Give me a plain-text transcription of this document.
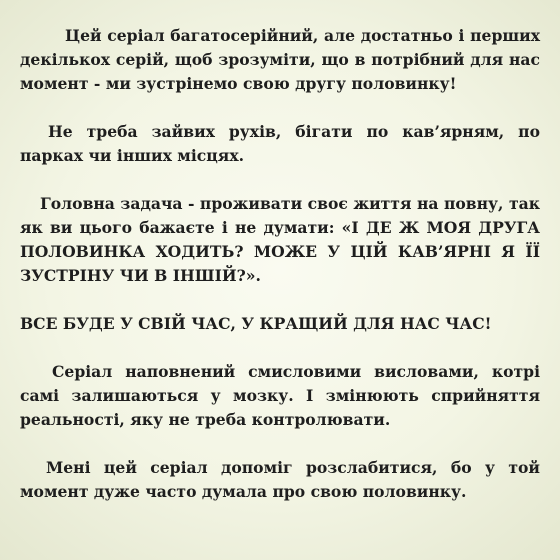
Цей серіал багатосерійний, але достатньо і перших декількох серій, щоб зрозуміти, що в потрібний для нас момент - ми зустрінемо свою другу половинку!

Не треба зайвих рухів, бігати по кав’ярням, по парках чи інших місцях.

Головна задача - проживати своє життя на повну, так як ви цього бажаєте і не думати: «І ДЕ Ж МОЯ ДРУГА ПОЛОВИНКА ХОДИТЬ? МОЖЕ У ЦІЙ КАВ’ЯРНІ Я ЇЇ ЗУСТРІНУ ЧИ В ІНШІЙ?».

ВСЕ БУДЕ У СВІЙ ЧАС, У КРАЩИЙ ДЛЯ НАС ЧАС!

Серіал наповнений смисловими висловами, котрі самі залишаються у мозку. І змінюють сприйняття реальності, яку не треба контролювати.

Мені цей серіал допоміг розслабитися, бо у той момент дуже часто думала про свою половинку.
